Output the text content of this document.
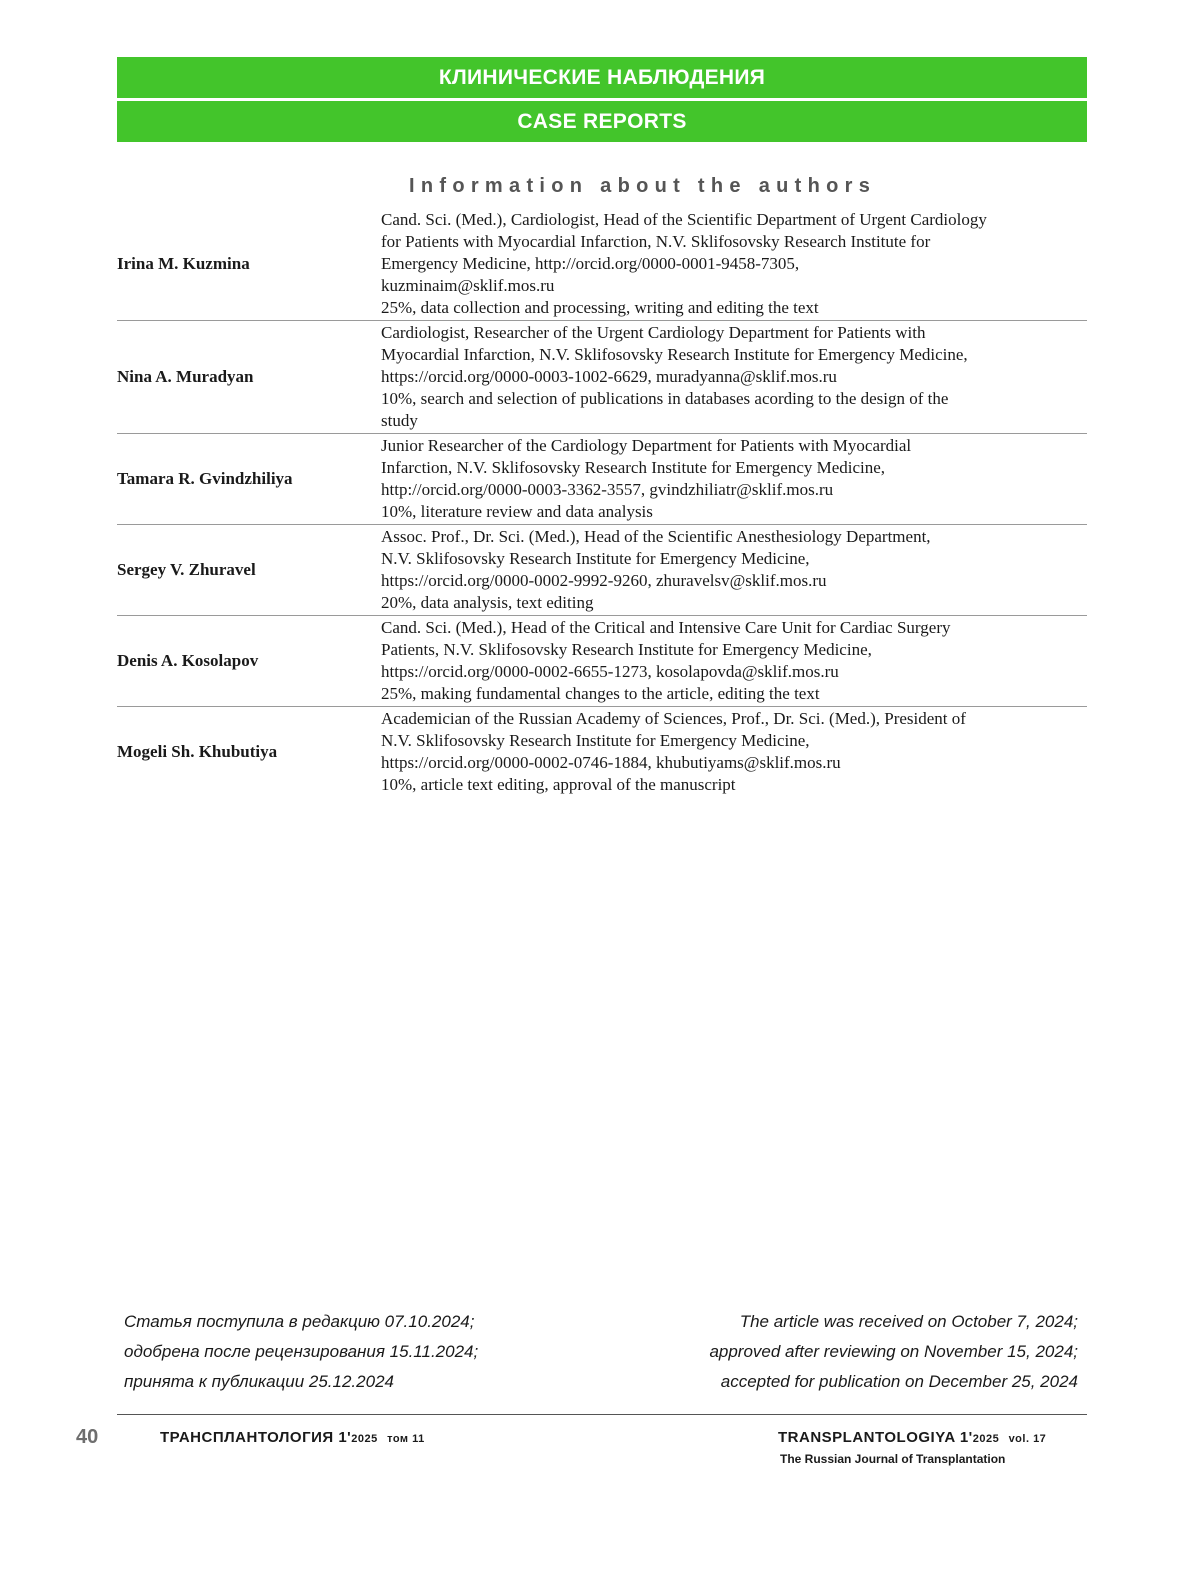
КЛИНИЧЕСКИЕ НАБЛЮДЕНИЯ
CASE REPORTS
Information about the authors
Irina M. Kuzmina
Cand. Sci. (Med.), Cardiologist, Head of the Scientific Department of Urgent Cardiology
for Patients with Myocardial Infarction, N.V. Sklifosovsky Research Institute for
Emergency Medicine, http://orcid.org/0000-0001-9458-7305,
kuzminaim@sklif.mos.ru
25%, data collection and processing, writing and editing the text
Nina A. Muradyan
Cardiologist, Researcher of the Urgent Cardiology Department for Patients with
Myocardial Infarction, N.V. Sklifosovsky Research Institute for Emergency Medicine,
https://orcid.org/0000-0003-1002-6629, muradyanna@sklif.mos.ru
10%, search and selection of publications in databases acording to the design of the
study
Tamara R. Gvindzhiliya
Junior Researcher of the Cardiology Department for Patients with Myocardial
Infarction, N.V. Sklifosovsky Research Institute for Emergency Medicine,
http://orcid.org/0000-0003-3362-3557, gvindzhiliatr@sklif.mos.ru
10%, literature review and data analysis
Sergey V. Zhuravel
Assoc. Prof., Dr. Sci. (Med.), Head of the Scientific Anesthesiology Department,
N.V. Sklifosovsky Research Institute for Emergency Medicine,
https://orcid.org/0000-0002-9992-9260, zhuravelsv@sklif.mos.ru
20%, data analysis, text editing
Denis A. Kosolapov
Cand. Sci. (Med.), Head of the Critical and Intensive Care Unit for Cardiac Surgery
Patients, N.V. Sklifosovsky Research Institute for Emergency Medicine,
https://orcid.org/0000-0002-6655-1273, kosolapovda@sklif.mos.ru
25%, making fundamental changes to the article, editing the text
Mogeli Sh. Khubutiya
Academician of the Russian Academy of Sciences, Prof., Dr. Sci. (Med.), President of
N.V. Sklifosovsky Research Institute for Emergency Medicine,
https://orcid.org/0000-0002-0746-1884, khubutiyams@sklif.mos.ru
10%, article text editing, approval of the manuscript
Статья поступила в редакцию 07.10.2024;
одобрена после рецензирования 15.11.2024;
принята к публикации 25.12.2024
The article was received on October 7, 2024;
approved after reviewing on November 15, 2024;
accepted for publication on December 25, 2024
40	ТРАНСПЛАНТОЛОГИЯ 1'2025 том 11	TRANSPLANTOLOGIYA 1'2025 vol. 17
The Russian Journal of Transplantation
